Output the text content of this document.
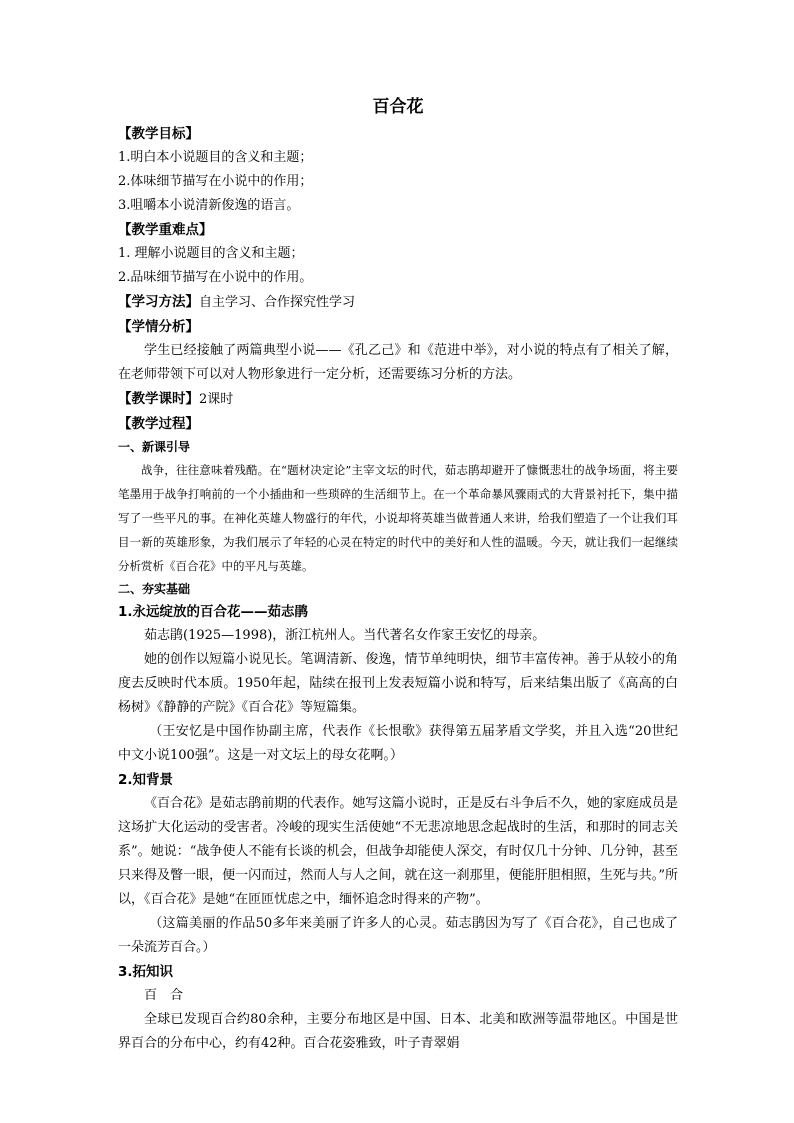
百合花

【教学目标】

1.明白本小说题目的含义和主题；

2.体味细节描写在小说中的作用；

3.咀嚼本小说清新俊逸的语言。

【教学重难点】

1. 理解小说题目的含义和主题；

2.品味细节描写在小说中的作用。

【学习方法】自主学习、合作探究性学习

【学情分析】

学生已经接触了两篇典型小说——《孔乙己》和《范进中举》，对小说的特点有了相关了解，在老师带领下可以对人物形象进行一定分析，还需要练习分析的方法。

【教学课时】2课时

【教学过程】

一、新课引导

战争，往往意味着残酷。在“题材决定论”主宰文坛的时代，茹志鹃却避开了慷慨悲壮的战争场面，将主要笔墨用于战争打响前的一个小插曲和一些琐碎的生活细节上。在一个革命暴风骤雨式的大背景衬托下，集中描写了一些平凡的事。在神化英雄人物盛行的年代，小说却将英雄当做普通人来讲，给我们塑造了一个让我们耳目一新的英雄形象，为我们展示了年轻的心灵在特定的时代中的美好和人性的温暖。今天，就让我们一起继续分析赏析《百合花》中的平凡与英雄。

二、夯实基础

1.永远绽放的百合花——茹志鹃

茹志鹃(1925—1998)，浙江杭州人。当代著名女作家王安忆的母亲。

她的创作以短篇小说见长。笔调清新、俊逸，情节单纯明快，细节丰富传神。善于从较小的角度去反映时代本质。1950年起，陆续在报刊上发表短篇小说和特写，后来结集出版了《高高的白杨树》《静静的产院》《百合花》等短篇集。

（王安忆是中国作协副主席，代表作《长恨歌》获得第五届茅盾文学奖，并且入选“20世纪中文小说100强”。这是一对文坛上的母女花啊。）

2.知背景

《百合花》是茹志鹃前期的代表作。她写这篇小说时，正是反右斗争后不久，她的家庭成员是这场扩大化运动的受害者。冷峻的现实生活使她“不无悲凉地思念起战时的生活，和那时的同志关系”。她说：“战争使人不能有长谈的机会，但战争却能使人深交，有时仅几十分钟、几分钟，甚至只来得及瞥一眼，便一闪而过，然而人与人之间，就在这一刹那里，便能肝胆相照，生死与共。”所以，《百合花》是她“在匝匝忧虑之中，缅怀追念时得来的产物”。

（这篇美丽的作品50多年来美丽了许多人的心灵。茹志鹃因为写了《百合花》，自己也成了一朵流芳百合。）

3.拓知识

百　合

全球已发现百合约80余种，主要分布地区是中国、日本、北美和欧洲等温带地区。中国是世界百合的分布中心，约有42种。百合花姿雅致，叶子青翠娟
